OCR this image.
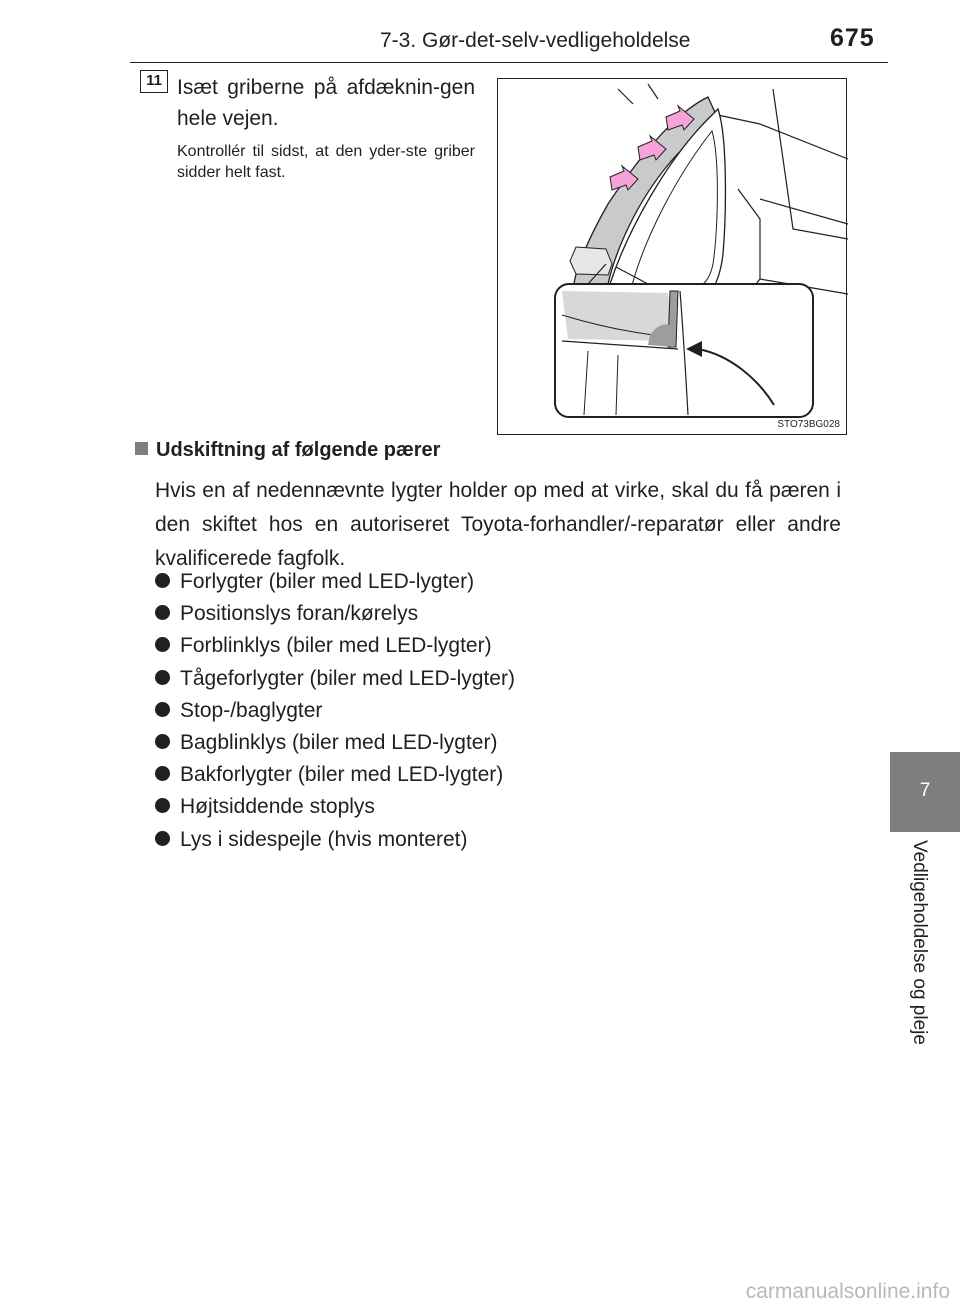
7-3. Gør-det-selv-vedligeholdelse	675
7
Vedligeholdelse og pleje
11 Isæt griberne på afdæknin-gen hele vejen.
Kontrollér til sidst, at den yder-ste griber sidder helt fast.
STO73BG028
Udskiftning af følgende pærer
Hvis en af nedennævnte lygter holder op med at virke, skal du få pæren i den skiftet hos en autoriseret Toyota-forhandler/-reparatør eller andre kvalificerede fagfolk.
Forlygter (biler med LED-lygter)
Positionslys foran/kørelys
Forblinklys (biler med LED-lygter)
Tågeforlygter (biler med LED-lygter)
Stop-/baglygter
Bagblinklys (biler med LED-lygter)
Bakforlygter (biler med LED-lygter)
Højtsiddende stoplys
Lys i sidespejle (hvis monteret)
carmanualsonline.info
